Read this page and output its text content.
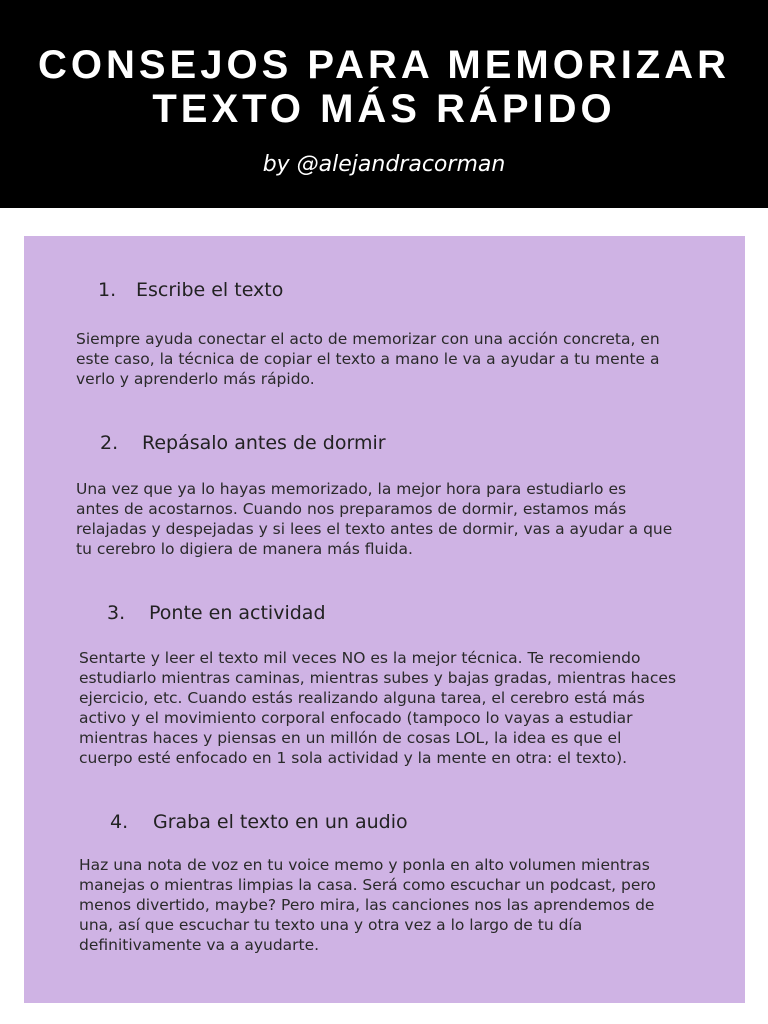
CONSEJOS PARA MEMORIZAR
TEXTO MÁS RÁPIDO
by @alejandracorman
1. Escribe el texto
Siempre ayuda conectar el acto de memorizar con una acción concreta, en
este caso, la técnica de copiar el texto a mano le va a ayudar a tu mente a
verlo y aprenderlo más rápido.
2. Repásalo antes de dormir
Una vez que ya lo hayas memorizado, la mejor hora para estudiarlo es
antes de acostarnos. Cuando nos preparamos de dormir, estamos más
relajadas y despejadas y si lees el texto antes de dormir, vas a ayudar a que
tu cerebro lo digiera de manera más fluida.
3. Ponte en actividad
Sentarte y leer el texto mil veces NO es la mejor técnica. Te recomiendo
estudiarlo mientras caminas, mientras subes y bajas gradas, mientras haces
ejercicio, etc. Cuando estás realizando alguna tarea, el cerebro está más
activo y el movimiento corporal enfocado (tampoco lo vayas a estudiar
mientras haces y piensas en un millón de cosas LOL, la idea es que el
cuerpo esté enfocado en 1 sola actividad y la mente en otra: el texto).
4. Graba el texto en un audio
Haz una nota de voz en tu voice memo y ponla en alto volumen mientras
manejas o mientras limpias la casa. Será como escuchar un podcast, pero
menos divertido, maybe? Pero mira, las canciones nos las aprendemos de
una, así que escuchar tu texto una y otra vez a lo largo de tu día
definitivamente va a ayudarte.
